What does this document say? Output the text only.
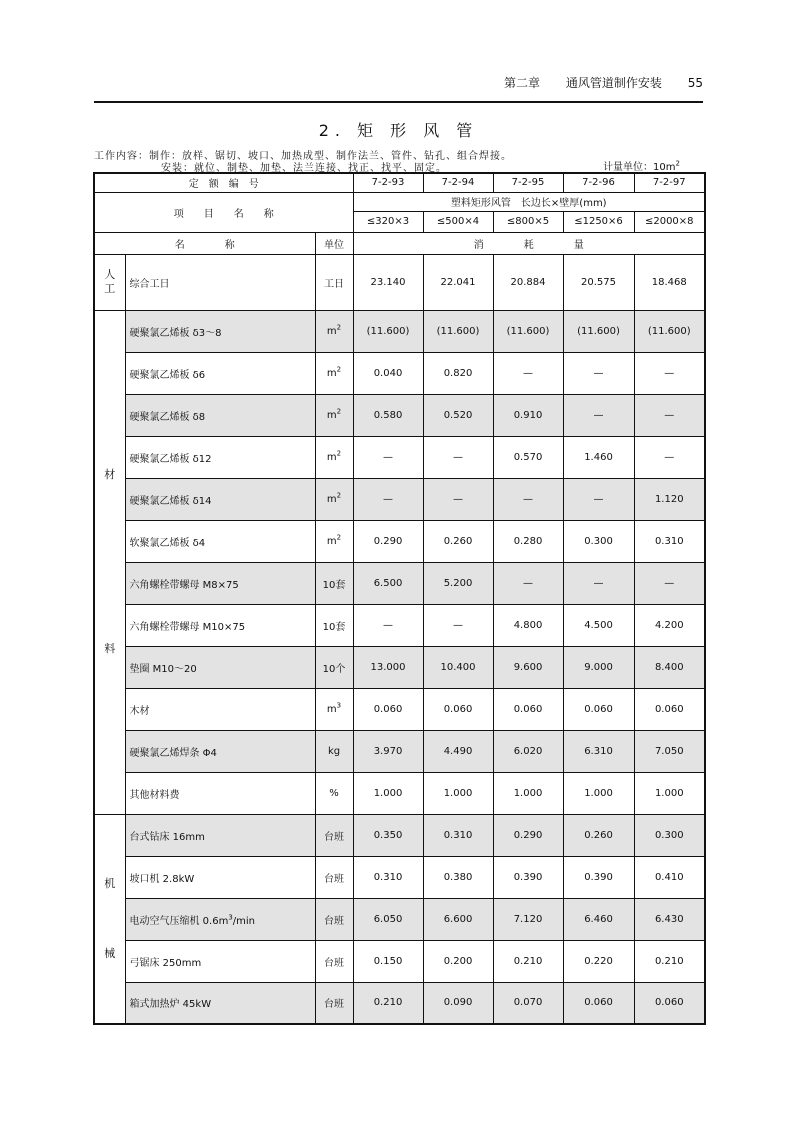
第二章 通风管道制作安装 55
2. 矩 形 风 管
工作内容：制作：放样、锯切、坡口、加热成型、制作法兰、管件、钻孔、组合焊接。
安装：就位、制垫、加垫、法兰连接、找正、找平、固定。	计量单位：$10m^2$
定　额　编　号			7-2-93	7-2-94	7-2-95	7-2-96	7-2-97
项　　目　　名　　称			塑料矩形风管　长边长×壁厚(mm)				
			≤320×3	≤500×4	≤800×5	≤1250×6	≤2000×8
名　　　　称		单位	消　　　　耗　　　　量				
人
工	综合工日	工日	23.140	22.041	20.884	20.575	18.468

材
料	硬聚氯乙烯板 δ3～8	$m^2$	(11.600)	(11.600)	(11.600)	(11.600)	(11.600)
	硬聚氯乙烯板 δ6	$m^2$	0.040	0.820	—	—	—
	硬聚氯乙烯板 δ8	$m^2$	0.580	0.520	0.910	—	—
	硬聚氯乙烯板 δ12	$m^2$	—	—	0.570	1.460	—
	硬聚氯乙烯板 δ14	$m^2$	—	—	—	—	1.120
	软聚氯乙烯板 δ4	$m^2$	0.290	0.260	0.280	0.300	0.310
	六角螺栓带螺母 M8×75	10套	6.500	5.200	—	—	—
	六角螺栓带螺母 M10×75	10套	—	—	4.800	4.500	4.200
	垫圈 M10～20	10个	13.000	10.400	9.600	9.000	8.400
	木材	$m^3$	0.060	0.060	0.060	0.060	0.060
	硬聚氯乙烯焊条 Φ4	kg	3.970	4.490	6.020	6.310	7.050
	其他材料费	%	1.000	1.000	1.000	1.000	1.000

机
械	台式钻床 16mm	台班	0.350	0.310	0.290	0.260	0.300
	坡口机 2.8kW	台班	0.310	0.380	0.390	0.390	0.410
	电动空气压缩机 $0.6m^3/\min$	台班	6.050	6.600	7.120	6.460	6.430
	弓锯床 250mm	台班	0.150	0.200	0.210	0.220	0.210
	箱式加热炉 45kW	台班	0.210	0.090	0.070	0.060	0.060
